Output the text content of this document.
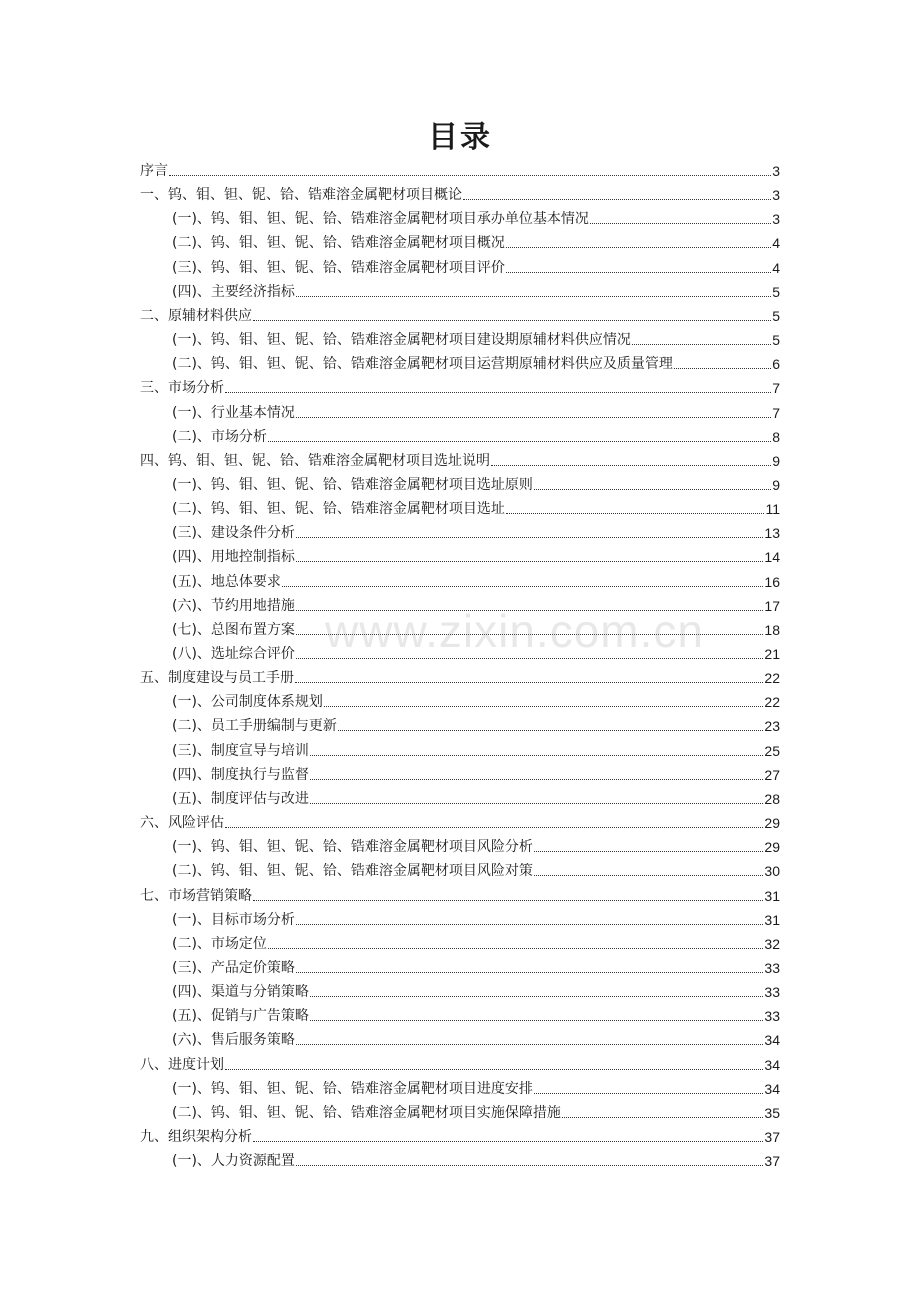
目录
序言	3
一、钨、钼、钽、铌、铪、锆难溶金属靶材项目概论	3
(一)、钨、钼、钽、铌、铪、锆难溶金属靶材项目承办单位基本情况	3
(二)、钨、钼、钽、铌、铪、锆难溶金属靶材项目概况	4
(三)、钨、钼、钽、铌、铪、锆难溶金属靶材项目评价	4
(四)、主要经济指标	5
二、原辅材料供应	5
(一)、钨、钼、钽、铌、铪、锆难溶金属靶材项目建设期原辅材料供应情况	5
(二)、钨、钼、钽、铌、铪、锆难溶金属靶材项目运营期原辅材料供应及质量管理	6
三、市场分析	7
(一)、行业基本情况	7
(二)、市场分析	8
四、钨、钼、钽、铌、铪、锆难溶金属靶材项目选址说明	9
(一)、钨、钼、钽、铌、铪、锆难溶金属靶材项目选址原则	9
(二)、钨、钼、钽、铌、铪、锆难溶金属靶材项目选址	11
(三)、建设条件分析	13
(四)、用地控制指标	14
(五)、地总体要求	16
(六)、节约用地措施	17
(七)、总图布置方案	18
(八)、选址综合评价	21
五、制度建设与员工手册	22
(一)、公司制度体系规划	22
(二)、员工手册编制与更新	23
(三)、制度宣导与培训	25
(四)、制度执行与监督	27
(五)、制度评估与改进	28
六、风险评估	29
(一)、钨、钼、钽、铌、铪、锆难溶金属靶材项目风险分析	29
(二)、钨、钼、钽、铌、铪、锆难溶金属靶材项目风险对策	30
七、市场营销策略	31
(一)、目标市场分析	31
(二)、市场定位	32
(三)、产品定价策略	33
(四)、渠道与分销策略	33
(五)、促销与广告策略	33
(六)、售后服务策略	34
八、进度计划	34
(一)、钨、钼、钽、铌、铪、锆难溶金属靶材项目进度安排	34
(二)、钨、钼、钽、铌、铪、锆难溶金属靶材项目实施保障措施	35
九、组织架构分析	37
(一)、人力资源配置	37
www.zixin.com.cn
